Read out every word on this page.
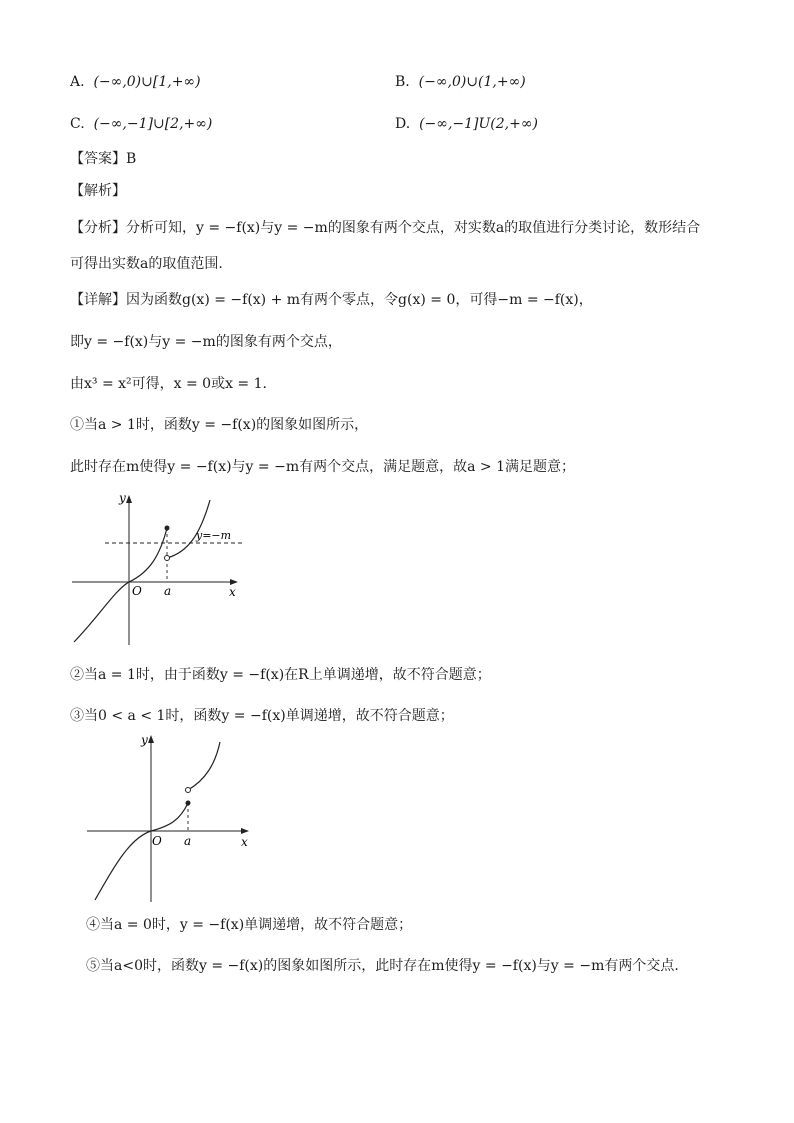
A. (−∞,0)∪[1,+∞)	B. (−∞,0)∪(1,+∞)
C. (−∞,−1]∪[2,+∞)	D. (−∞,−1]U(2,+∞)
【答案】B
【解析】
【分析】分析可知，y = −f(x)与y = −m的图象有两个交点，对实数a的取值进行分类讨论，数形结合
可得出实数a的取值范围.
【详解】因为函数g(x) = −f(x) + m有两个零点，令g(x) = 0，可得−m = −f(x)，
即y = −f(x)与y = −m的图象有两个交点，
由x³ = x²可得，x = 0或x = 1.
①当a > 1时，函数y = −f(x)的图象如图所示，
此时存在m使得y = −f(x)与y = −m有两个交点，满足题意，故a > 1满足题意；
y
x
O a
y=−m
②当a = 1时，由于函数y = −f(x)在R上单调递增，故不符合题意；
③当0 < a < 1时，函数y = −f(x)单调递增，故不符合题意；
y
x
O a
④当a = 0时，y = −f(x)单调递增，故不符合题意；
⑤当a<0时，函数y = −f(x)的图象如图所示，此时存在m使得y = −f(x)与y = −m有两个交点.
